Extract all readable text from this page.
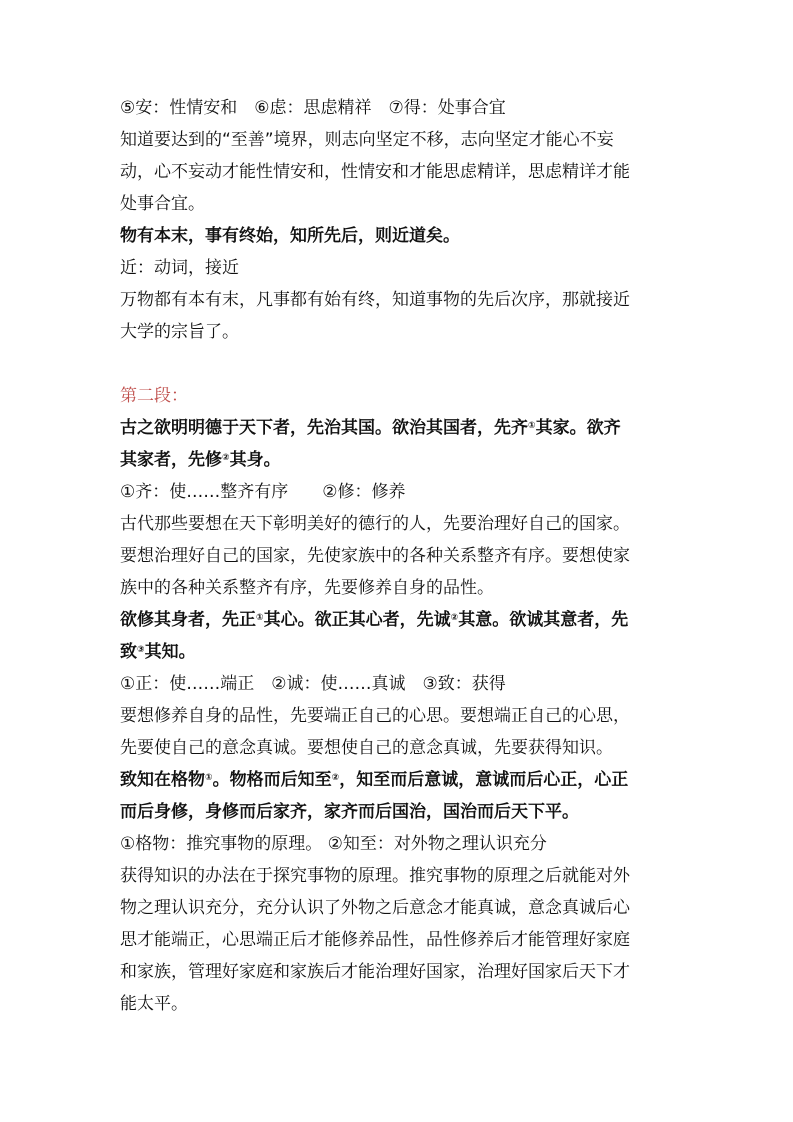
⑤安：性情安和　⑥虑：思虑精祥　⑦得：处事合宜
知道要达到的“至善”境界，则志向坚定不移，志向坚定才能心不妄
动，心不妄动才能性情安和，性情安和才能思虑精详，思虑精详才能
处事合宜。
物有本末，事有终始，知所先后，则近道矣。
近：动词，接近
万物都有本有末，凡事都有始有终，知道事物的先后次序，那就接近
大学的宗旨了。
第二段：
古之欲明明德于天下者，先治其国。欲治其国者，先齐①其家。欲齐
其家者，先修②其身。
①齐：使……整齐有序　　②修：修养
古代那些要想在天下彰明美好的德行的人，先要治理好自己的国家。
要想治理好自己的国家，先使家族中的各种关系整齐有序。要想使家
族中的各种关系整齐有序，先要修养自身的品性。
欲修其身者，先正①其心。欲正其心者，先诚②其意。欲诚其意者，先
致③其知。
①正：使……端正　②诚：使……真诚　③致：获得
要想修养自身的品性，先要端正自己的心思。要想端正自己的心思，
先要使自己的意念真诚。要想使自己的意念真诚，先要获得知识。
致知在格物①。物格而后知至②，知至而后意诚，意诚而后心正，心正
而后身修，身修而后家齐，家齐而后国治，国治而后天下平。
①格物：推究事物的原理。 ②知至：对外物之理认识充分
获得知识的办法在于探究事物的原理。推究事物的原理之后就能对外
物之理认识充分，充分认识了外物之后意念才能真诚，意念真诚后心
思才能端正，心思端正后才能修养品性，品性修养后才能管理好家庭
和家族，管理好家庭和家族后才能治理好国家，治理好国家后天下才
能太平。
